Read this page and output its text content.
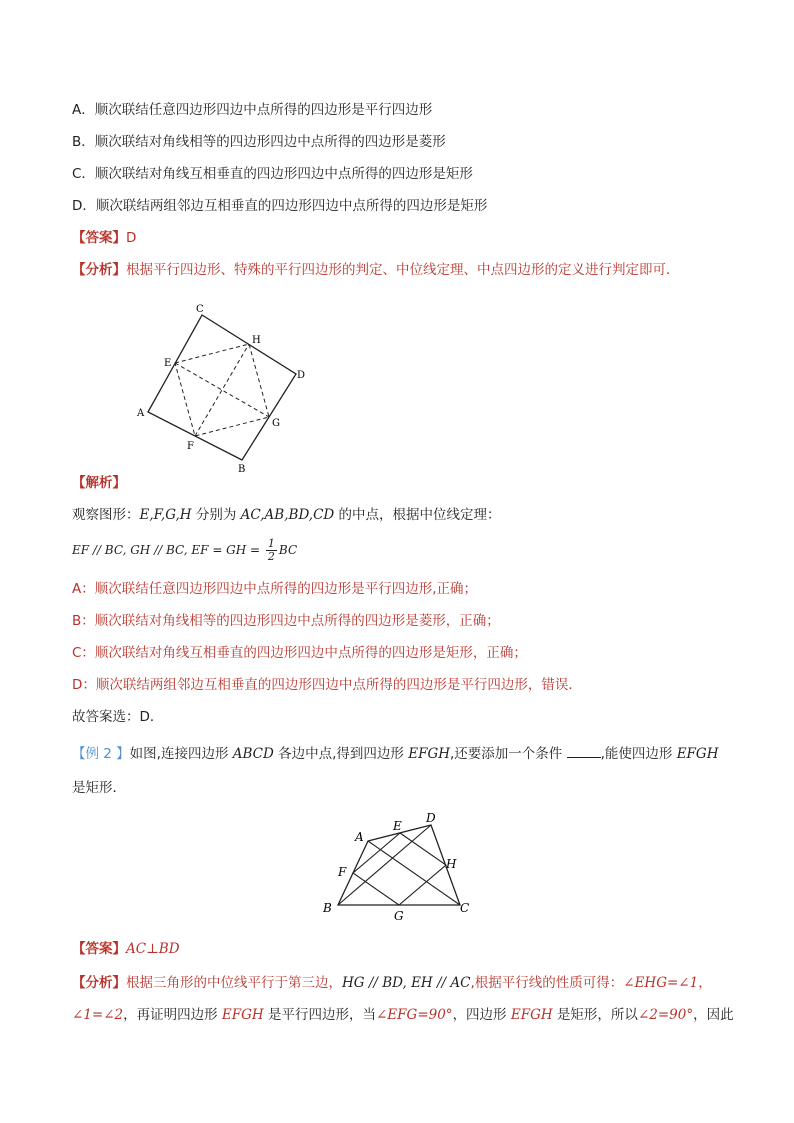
A．顺次联结任意四边形四边中点所得的四边形是平行四边形
B．顺次联结对角线相等的四边形四边中点所得的四边形是菱形
C．顺次联结对角线互相垂直的四边形四边中点所得的四边形是矩形
D．顺次联结两组邻边互相垂直的四边形四边中点所得的四边形是矩形
【答案】D
【分析】根据平行四边形、特殊的平行四边形的判定、中位线定理、中点四边形的定义进行判定即可．
C
H
E
D
A
G
F
B
【解析】
观察图形：E,F,G,H 分别为 AC,AB,BD,CD 的中点，根据中位线定理：
EF // BC, GH // BC, EF = GH = $\frac{1}{2}$ BC
A：顺次联结任意四边形四边中点所得的四边形是平行四边形,正确；
B：顺次联结对角线相等的四边形四边中点所得的四边形是菱形，正确；
C：顺次联结对角线互相垂直的四边形四边中点所得的四边形是矩形，正确；
D：顺次联结两组邻边互相垂直的四边形四边中点所得的四边形是平行四边形，错误．
故答案选：D．
【例 2 】如图,连接四边形 ABCD 各边中点,得到四边形 EFGH,还要添加一个条件	,能使四边形 EFGH
是矩形．
D
E
A
H
F
B
G
C
【答案】AC⊥BD
【分析】根据三角形的中位线平行于第三边，HG // BD, EH // AC,根据平行线的性质可得：∠EHG=∠1，
∠1=∠2，再证明四边形 EFGH 是平行四边形，当∠EFG=90°，四边形 EFGH 是矩形，所以∠2=90°，因此
